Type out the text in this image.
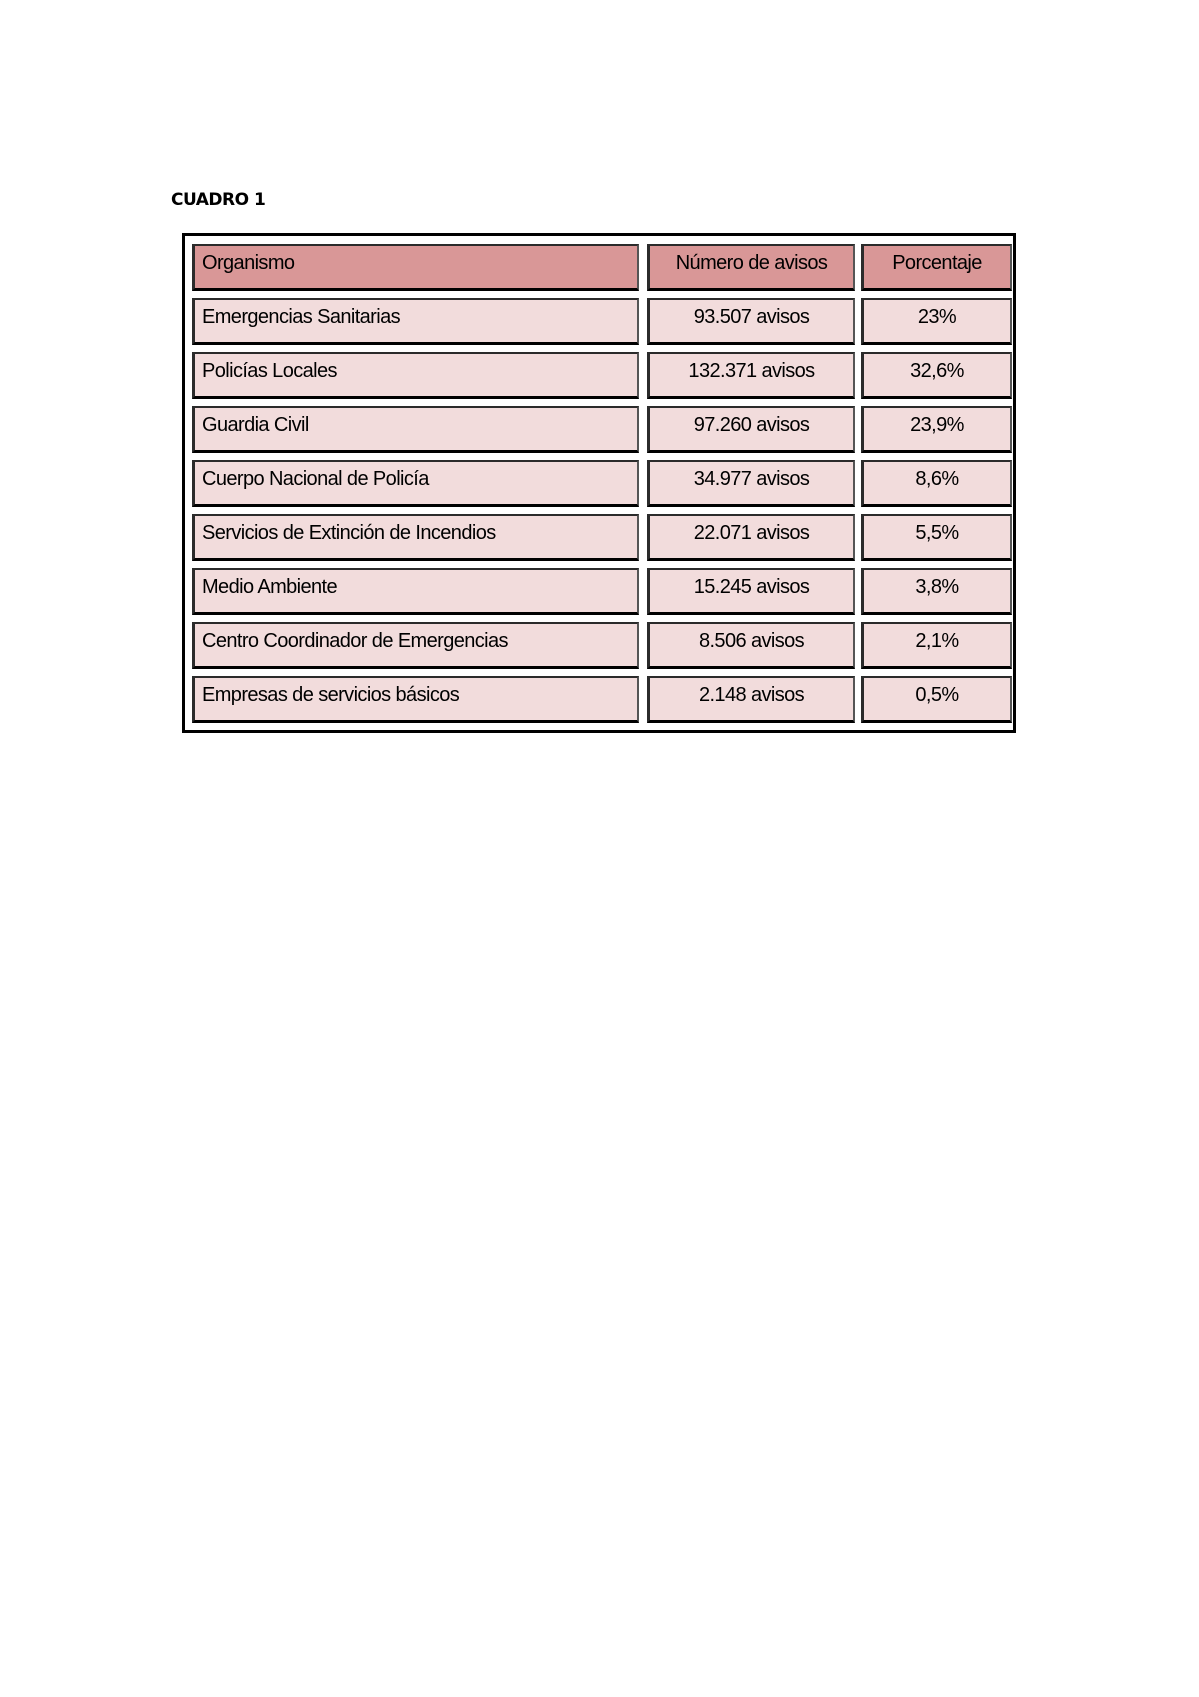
CUADRO 1
Organismo	Número de avisos	Porcentaje
Emergencias Sanitarias	93.507 avisos	23%
Policías Locales	132.371 avisos	32,6%
Guardia Civil	97.260 avisos	23,9%
Cuerpo Nacional de Policía	34.977 avisos	8,6%
Servicios de Extinción de Incendios	22.071 avisos	5,5%
Medio Ambiente	15.245 avisos	3,8%
Centro Coordinador de Emergencias	8.506 avisos	2,1%
Empresas de servicios básicos	2.148 avisos	0,5%
